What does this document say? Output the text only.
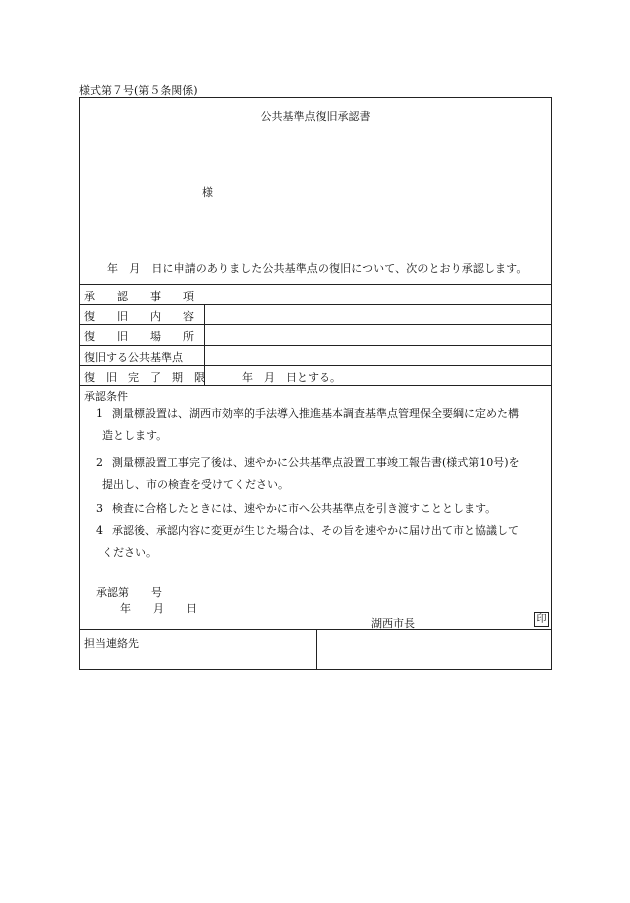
様式第７号(第５条関係)
公共基準点復旧承認書
様
年　月　日に申請のありました公共基準点の復旧について、次のとおり承認します。
承　　認　　事　　項
復　　旧　　内　　容
復　　旧　　場　　所
復旧する公共基準点
復　旧　完　了　期　限	年　月　日とする。
承認条件
1 測量標設置は、湖西市効率的手法導入推進基本調査基準点管理保全要綱に定めた構
造とします。
2 測量標設置工事完了後は、速やかに公共基準点設置工事竣工報告書(様式第10号)を
提出し、市の検査を受けてください。
3 検査に合格したときには、速やかに市へ公共基準点を引き渡すこととします。
4 承認後、承認内容に変更が生じた場合は、その旨を速やかに届け出て市と協議して
ください。
承認第　　号
年　　月　　日
湖西市長	印
担当連絡先
